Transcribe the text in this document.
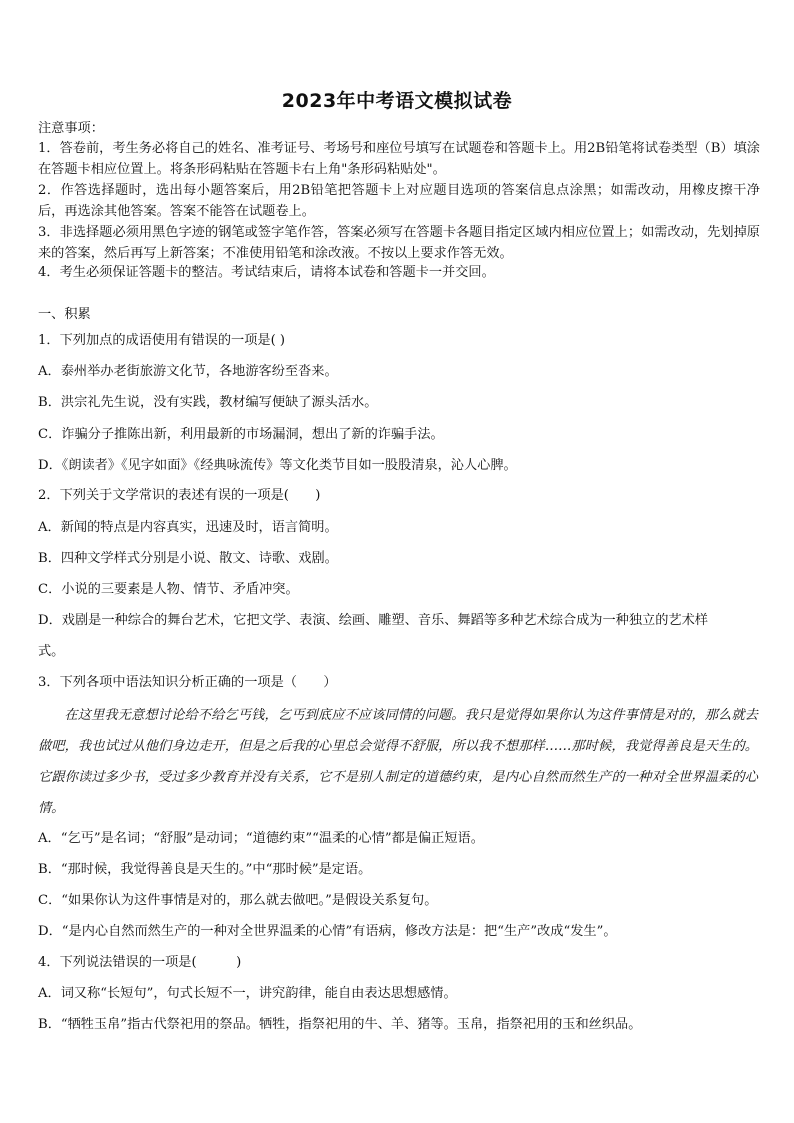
2023年中考语文模拟试卷
注意事项：
1．答卷前，考生务必将自己的姓名、准考证号、考场号和座位号填写在试题卷和答题卡上。用2B铅笔将试卷类型（B）填涂在答题卡相应位置上。将条形码粘贴在答题卡右上角"条形码粘贴处"。
2．作答选择题时，选出每小题答案后，用2B铅笔把答题卡上对应题目选项的答案信息点涂黑；如需改动，用橡皮擦干净后，再选涂其他答案。答案不能答在试题卷上。
3．非选择题必须用黑色字迹的钢笔或签字笔作答，答案必须写在答题卡各题目指定区域内相应位置上；如需改动，先划掉原来的答案，然后再写上新答案；不准使用铅笔和涂改液。不按以上要求作答无效。
4．考生必须保证答题卡的整洁。考试结束后，请将本试卷和答题卡一并交回。
一、积累
1．下列加点的成语使用有错误的一项是( )
A．泰州举办老街旅游文化节，各地游客纷至沓来。
B．洪宗礼先生说，没有实践，教材编写便缺了源头活水。
C．诈骗分子推陈出新，利用最新的市场漏洞，想出了新的诈骗手法。
D．《朗读者》《见字如面》《经典咏流传》等文化类节目如一股股清泉，沁人心脾。
2．下列关于文学常识的表述有误的一项是(　　)
A．新闻的特点是内容真实，迅速及时，语言简明。
B．四种文学样式分别是小说、散文、诗歌、戏剧。
C．小说的三要素是人物、情节、矛盾冲突。
D．戏剧是一种综合的舞台艺术，它把文学、表演、绘画、雕塑、音乐、舞蹈等多种艺术综合成为一种独立的艺术样
式。
3．下列各项中语法知识分析正确的一项是（　　）
在这里我无意想讨论给不给乞丐钱，乞丐到底应不应该同情的问题。我只是觉得如果你认为这件事情是对的，那么就去做吧，我也试过从他们身边走开，但是之后我的心里总会觉得不舒服，所以我不想那样……那时候，我觉得善良是天生的。它跟你读过多少书，受过多少教育并没有关系，它不是别人制定的道德约束，是内心自然而然生产的一种对全世界温柔的心情。
A．“乞丐”是名词；“舒服”是动词；“道德约束”“温柔的心情”都是偏正短语。
B．“那时候，我觉得善良是天生的。”中“那时候”是定语。
C．“如果你认为这件事情是对的，那么就去做吧。”是假设关系复句。
D．“是内心自然而然生产的一种对全世界温柔的心情”有语病，修改方法是：把“生产”改成“发生”。
4．下列说法错误的一项是(　　　)
A．词又称“长短句”，句式长短不一，讲究韵律，能自由表达思想感情。
B．“牺牲玉帛”指古代祭祀用的祭品。牺牲，指祭祀用的牛、羊、猪等。玉帛，指祭祀用的玉和丝织品。
